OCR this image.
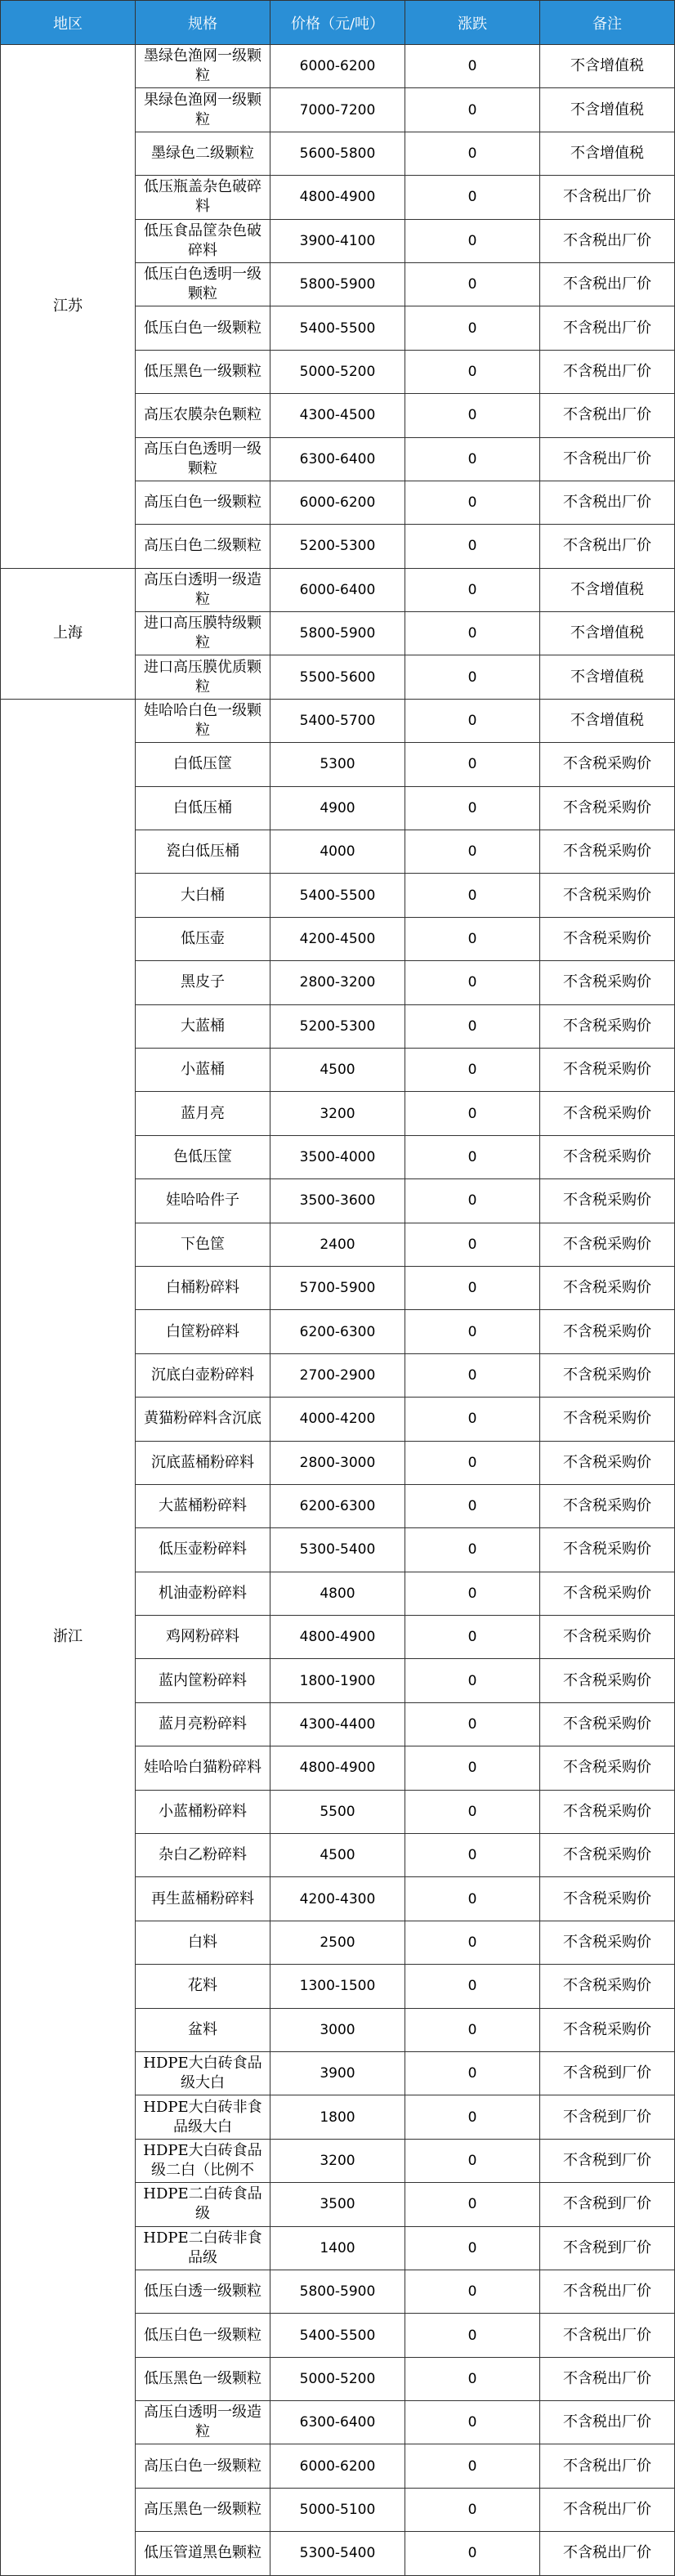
地区	规格	价格（元/吨）	涨跌	备注
江苏	墨绿色渔网一级颗粒	6000-6200	0	不含增值税

	果绿色渔网一级颗粒	7000-7200	0	不含增值税

	墨绿色二级颗粒	5600-5800	0	不含增值税

	低压瓶盖杂色破碎料	4800-4900	0	不含税出厂价

	低压食品筐杂色破碎料	3900-4100	0	不含税出厂价

	低压白色透明一级颗粒	5800-5900	0	不含税出厂价

	低压白色一级颗粒	5400-5500	0	不含税出厂价

	低压黑色一级颗粒	5000-5200	0	不含税出厂价

	高压农膜杂色颗粒	4300-4500	0	不含税出厂价

	高压白色透明一级颗粒	6300-6400	0	不含税出厂价

	高压白色一级颗粒	6000-6200	0	不含税出厂价

	高压白色二级颗粒	5200-5300	0	不含税出厂价
上海	高压白透明一级造粒	6000-6400	0	不含增值税

	进口高压膜特级颗粒	5800-5900	0	不含增值税

	进口高压膜优质颗粒	5500-5600	0	不含增值税
浙江	娃哈哈白色一级颗粒	5400-5700	0	不含增值税

	白低压筐	5300	0	不含税采购价

	白低压桶	4900	0	不含税采购价

	瓷白低压桶	4000	0	不含税采购价

	大白桶	5400-5500	0	不含税采购价

	低压壶	4200-4500	0	不含税采购价

	黑皮子	2800-3200	0	不含税采购价

	大蓝桶	5200-5300	0	不含税采购价

	小蓝桶	4500	0	不含税采购价

	蓝月亮	3200	0	不含税采购价

	色低压筐	3500-4000	0	不含税采购价

	娃哈哈件子	3500-3600	0	不含税采购价

	下色筐	2400	0	不含税采购价

	白桶粉碎料	5700-5900	0	不含税采购价

	白筐粉碎料	6200-6300	0	不含税采购价

	沉底白壶粉碎料	2700-2900	0	不含税采购价

	黄猫粉碎料含沉底	4000-4200	0	不含税采购价

	沉底蓝桶粉碎料	2800-3000	0	不含税采购价

	大蓝桶粉碎料	6200-6300	0	不含税采购价

	低压壶粉碎料	5300-5400	0	不含税采购价

	机油壶粉碎料	4800	0	不含税采购价

	鸡网粉碎料	4800-4900	0	不含税采购价

	蓝内筐粉碎料	1800-1900	0	不含税采购价

	蓝月亮粉碎料	4300-4400	0	不含税采购价

	娃哈哈白猫粉碎料	4800-4900	0	不含税采购价

	小蓝桶粉碎料	5500	0	不含税采购价

	杂白乙粉碎料	4500	0	不含税采购价

	再生蓝桶粉碎料	4200-4300	0	不含税采购价

	白料	2500	0	不含税采购价

	花料	1300-1500	0	不含税采购价

	盆料	3000	0	不含税采购价

	HDPE大白砖食品级大白	3900	0	不含税到厂价

	HDPE大白砖非食品级大白	1800	0	不含税到厂价

	HDPE大白砖食品级二白（比例不	3200	0	不含税到厂价

	HDPE二白砖食品级	3500	0	不含税到厂价

	HDPE二白砖非食品级	1400	0	不含税到厂价

	低压白透一级颗粒	5800-5900	0	不含税出厂价

	低压白色一级颗粒	5400-5500	0	不含税出厂价

	低压黑色一级颗粒	5000-5200	0	不含税出厂价

	高压白透明一级造粒	6300-6400	0	不含税出厂价

	高压白色一级颗粒	6000-6200	0	不含税出厂价

	高压黑色一级颗粒	5000-5100	0	不含税出厂价

	低压管道黑色颗粒	5300-5400	0	不含税出厂价
